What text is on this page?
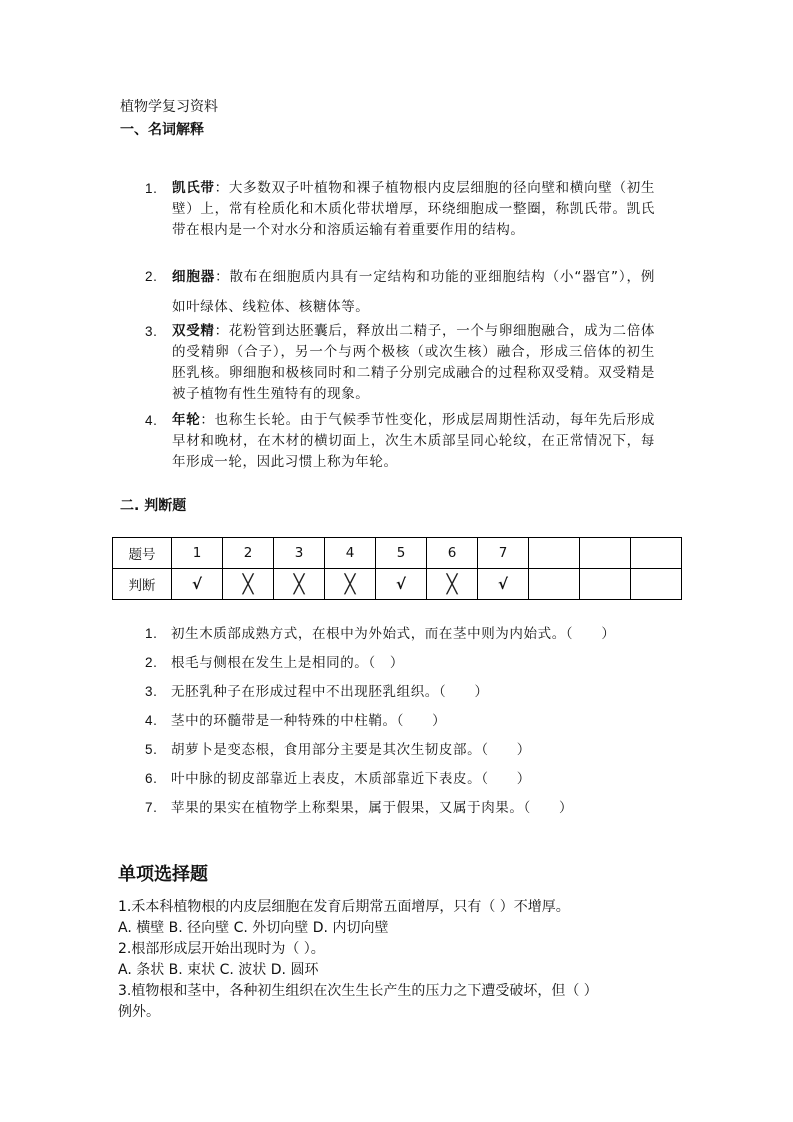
植物学复习资料
一、名词解释
1.	凯氏带：大多数双子叶植物和裸子植物根内皮层细胞的径向壁和横向壁（初生壁）上，常有栓质化和木质化带状增厚，环绕细胞成一整圈，称凯氏带。凯氏带在根内是一个对水分和溶质运输有着重要作用的结构。
2.	细胞器：散布在细胞质内具有一定结构和功能的亚细胞结构（小“器官”），例如叶绿体、线粒体、核糖体等。
3.	双受精：花粉管到达胚囊后，释放出二精子，一个与卵细胞融合，成为二倍体的受精卵（合子），另一个与两个极核（或次生核）融合，形成三倍体的初生胚乳核。卵细胞和极核同时和二精子分别完成融合的过程称双受精。双受精是被子植物有性生殖特有的现象。
4.	年轮：也称生长轮。由于气候季节性变化，形成层周期性活动，每年先后形成早材和晚材，在木材的横切面上，次生木质部呈同心轮纹，在正常情况下，每年形成一轮，因此习惯上称为年轮。
二. 判断题
题号	1	2	3	4	5	6	7			
判断	√	╳	╳	╳	√	╳	√			
1. 初生木质部成熟方式，在根中为外始式，而在茎中则为内始式。（　　）
2. 根毛与侧根在发生上是相同的。（　）
3. 无胚乳种子在形成过程中不出现胚乳组织。（　　）
4. 茎中的环髓带是一种特殊的中柱鞘。（　　）
5. 胡萝卜是变态根，食用部分主要是其次生韧皮部。（　　）
6. 叶中脉的韧皮部靠近上表皮，木质部靠近下表皮。（　　）
7. 苹果的果实在植物学上称梨果，属于假果，又属于肉果。（　　）
单项选择题
1.禾本科植物根的内皮层细胞在发育后期常五面增厚，只有（ ）不增厚。
A. 横壁 B. 径向壁 C. 外切向壁 D. 内切向壁
2.根部形成层开始出现时为（ ）。
A. 条状 B. 束状 C. 波状 D. 圆环
3.植物根和茎中，各种初生组织在次生生长产生的压力之下遭受破坏，但（ ）
例外。
